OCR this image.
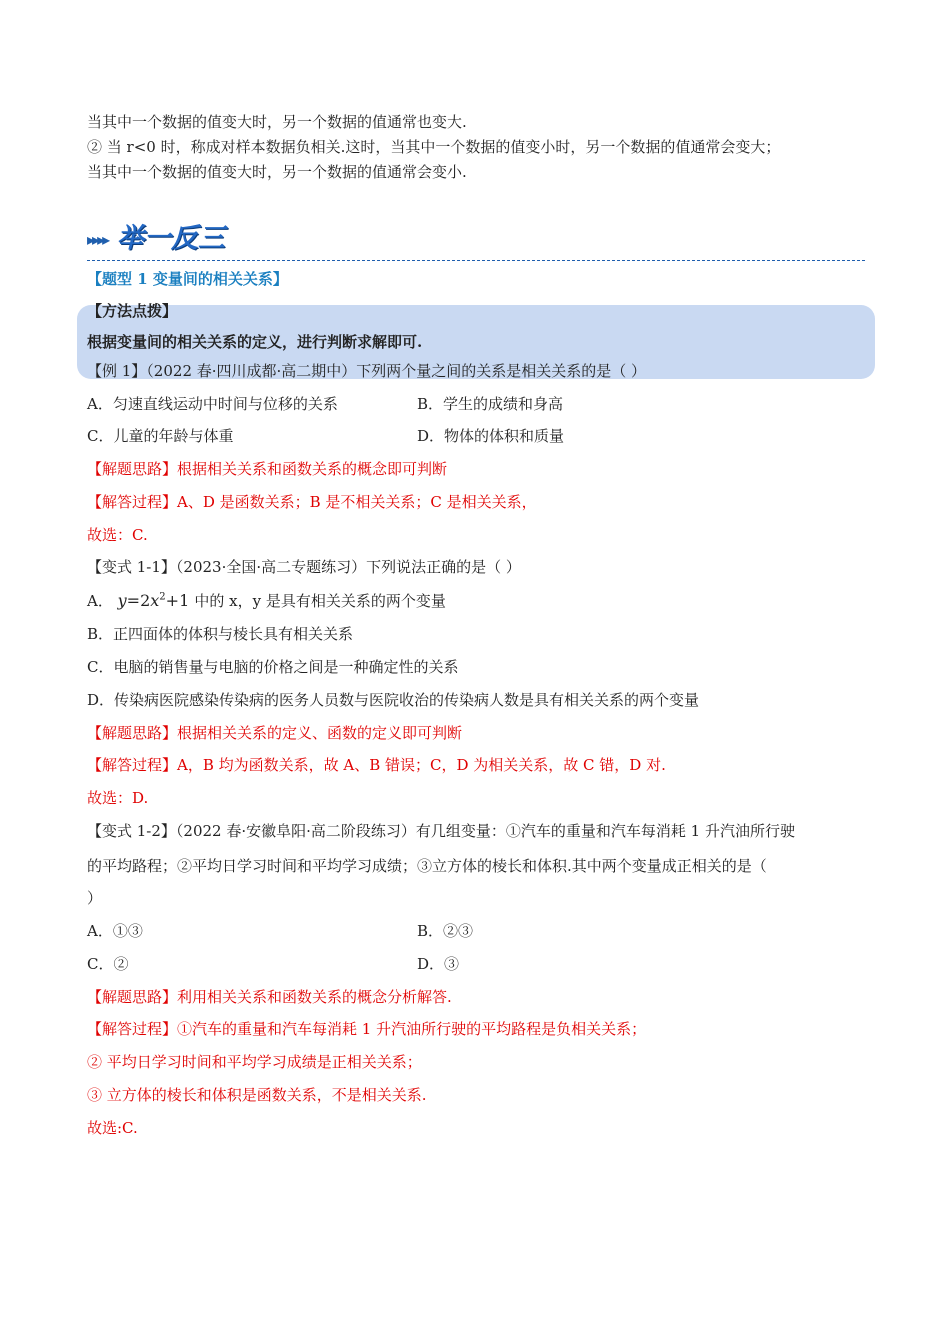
当其中一个数据的值变大时，另一个数据的值通常也变大.
② 当 r<0 时，称成对样本数据负相关.这时，当其中一个数据的值变小时，另一个数据的值通常会变大；
当其中一个数据的值变大时，另一个数据的值通常会变小.
▸▸▸▸ 举一反三
【题型 1 变量间的相关关系】
【方法点拨】
根据变量间的相关关系的定义，进行判断求解即可.
【例 1】（2022 春·四川成都·高二期中）下列两个量之间的关系是相关关系的是（ ）
A．匀速直线运动中时间与位移的关系	B．学生的成绩和身高
C．儿童的年龄与体重	D．物体的体积和质量
【解题思路】根据相关关系和函数关系的概念即可判断
【解答过程】A、D 是函数关系；B 是不相关关系；C 是相关关系，
故选：C.
【变式 1-1】（2023·全国·高二专题练习）下列说法正确的是（ ）
A． $y=2x^2+1$ 中的 x，y 是具有相关关系的两个变量
B．正四面体的体积与棱长具有相关关系
C．电脑的销售量与电脑的价格之间是一种确定性的关系
D．传染病医院感染传染病的医务人员数与医院收治的传染病人数是具有相关关系的两个变量
【解题思路】根据相关关系的定义、函数的定义即可判断
【解答过程】A，B 均为函数关系，故 A、B 错误；C，D 为相关关系，故 C 错，D 对.
故选：D.
【变式 1-2】（2022 春·安徽阜阳·高二阶段练习）有几组变量：①汽车的重量和汽车每消耗 1 升汽油所行驶
的平均路程；②平均日学习时间和平均学习成绩；③立方体的棱长和体积.其中两个变量成正相关的是（
）
A．①③	B．②③
C．②	D．③
【解题思路】利用相关关系和函数关系的概念分析解答.
【解答过程】①汽车的重量和汽车每消耗 1 升汽油所行驶的平均路程是负相关关系；
② 平均日学习时间和平均学习成绩是正相关关系；
③ 立方体的棱长和体积是函数关系，不是相关关系.
故选:C.
